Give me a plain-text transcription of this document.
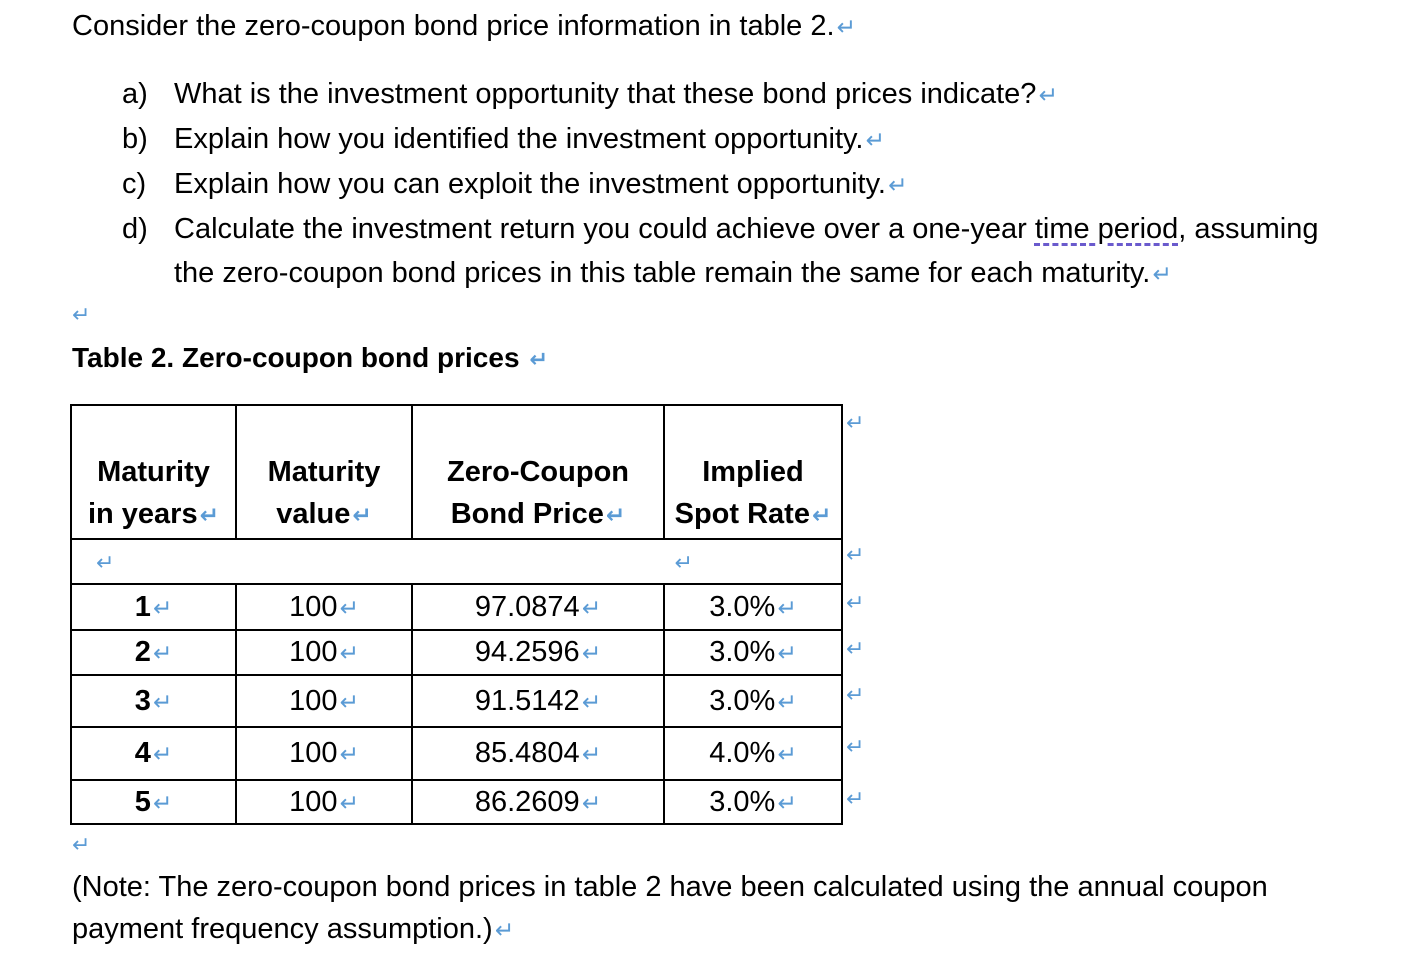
Consider the zero-coupon bond price information in table 2.↵
a) What is the investment opportunity that these bond prices indicate?↵
b) Explain how you identified the investment opportunity.↵
c) Explain how you can exploit the investment opportunity.↵
d) Calculate the investment return you could achieve over a one-year time period, assuming
the zero-coupon bond prices in this table remain the same for each maturity.↵
↵
Table 2. Zero-coupon bond prices ↵
Maturity
in years↵	Maturity
value↵	Zero-Coupon
Bond Price↵	Implied
Spot Rate↵
↵ ↵			
1↵	100↵	97.0874↵	3.0%↵
2↵	100↵	94.2596↵	3.0%↵
3↵	100↵	91.5142↵	3.0%↵
4↵	100↵	85.4804↵	4.0%↵
5↵	100↵	86.2609↵	3.0%↵
↵
↵
↵
↵
↵
↵
↵
↵
(Note: The zero-coupon bond prices in table 2 have been calculated using the annual coupon
payment frequency assumption.)↵
